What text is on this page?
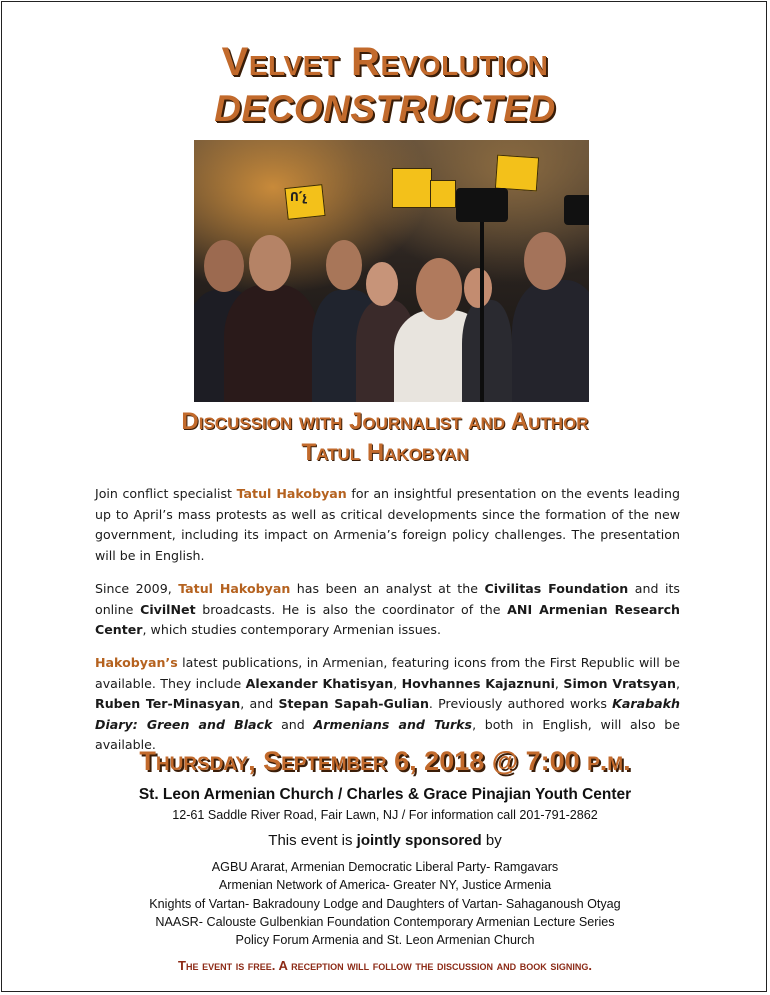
Velvet Revolution
DECONSTRUCTED
Ո՛չ
Discussion with Journalist and Author
Tatul Hakobyan
Join conflict specialist Tatul Hakobyan for an insightful presentation on the events leading up to April’s mass protests as well as critical developments since the formation of the new government, including its impact on Armenia’s foreign policy challenges. The presentation will be in English.
Since 2009, Tatul Hakobyan has been an analyst at the Civilitas Foundation and its online CivilNet broadcasts. He is also the coordinator of the ANI Armenian Research Center, which studies contemporary Armenian issues.
Hakobyan’s latest publications, in Armenian, featuring icons from the First Republic will be available. They include Alexander Khatisyan, Hovhannes Kajaznuni, Simon Vratsyan, Ruben Ter-Minasyan, and Stepan Sapah-Gulian. Previously authored works Karabakh Diary: Green and Black and Armenians and Turks, both in English, will also be available.
Thursday, September 6, 2018 @ 7:00 p.m.
St. Leon Armenian Church / Charles & Grace Pinajian Youth Center
12-61 Saddle River Road, Fair Lawn, NJ / For information call 201-791-2862
This event is jointly sponsored by
AGBU Ararat, Armenian Democratic Liberal Party- Ramgavars
Armenian Network of America- Greater NY, Justice Armenia
Knights of Vartan- Bakradouny Lodge and Daughters of Vartan- Sahaganoush Otyag
NAASR- Calouste Gulbenkian Foundation Contemporary Armenian Lecture Series
Policy Forum Armenia and St. Leon Armenian Church
The event is free. A reception will follow the discussion and book signing.
